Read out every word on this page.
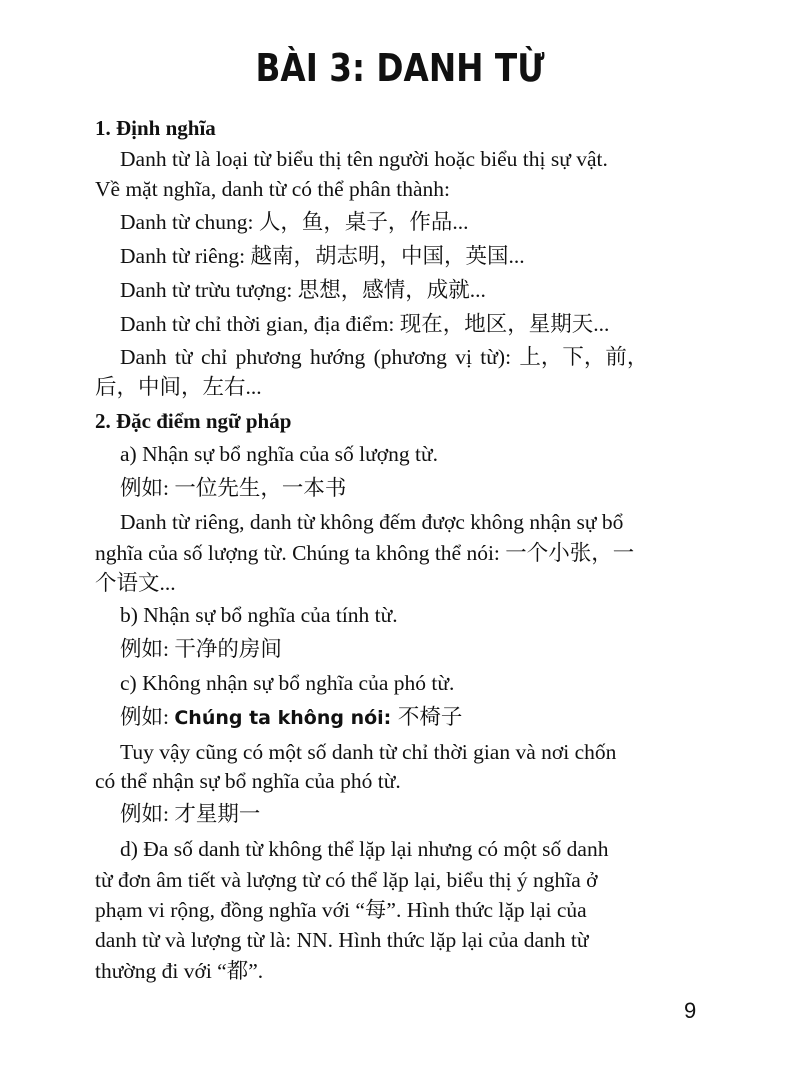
BÀI 3: DANH TỪ
1. Định nghĩa
Danh từ là loại từ biểu thị tên người hoặc biểu thị sự vật.
Về mặt nghĩa, danh từ có thể phân thành:
Danh từ chung: 人，鱼，桌子，作品...
Danh từ riêng: 越南，胡志明，中国，英国...
Danh từ trừu tượng: 思想，感情，成就...
Danh từ chỉ thời gian, địa điểm: 现在，地区，星期天...
Danh từ chỉ phương hướng (phương vị từ): 上，下，前，
后，中间，左右...
2. Đặc điểm ngữ pháp
a) Nhận sự bổ nghĩa của số lượng từ.
例如: 一位先生，一本书
Danh từ riêng, danh từ không đếm được không nhận sự bổ
nghĩa của số lượng từ. Chúng ta không thể nói: 一个小张，一
个语文...
b) Nhận sự bổ nghĩa của tính từ.
例如: 干净的房间
c) Không nhận sự bổ nghĩa của phó từ.
例如: Chúng ta không nói: 不椅子
Tuy vậy cũng có một số danh từ chỉ thời gian và nơi chốn
có thể nhận sự bổ nghĩa của phó từ.
例如: 才星期一
d) Đa số danh từ không thể lặp lại nhưng có một số danh
từ đơn âm tiết và lượng từ có thể lặp lại, biểu thị ý nghĩa ở
phạm vi rộng, đồng nghĩa với “每”. Hình thức lặp lại của
danh từ và lượng từ là: NN. Hình thức lặp lại của danh từ
thường đi với “都”.
9
